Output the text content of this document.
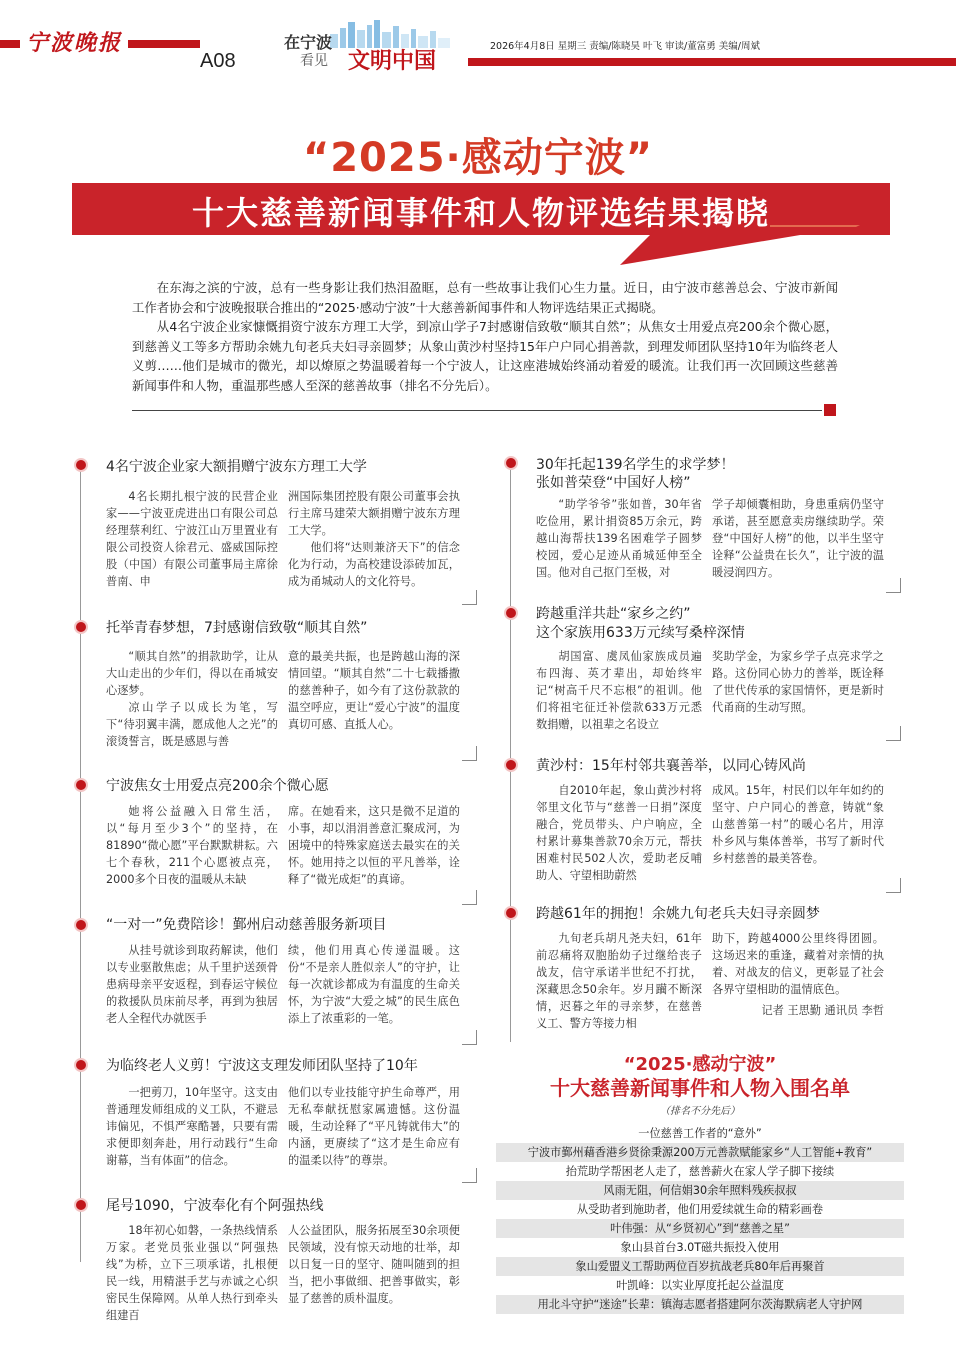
宁波晚报
A08
在宁波
看见 文明中国
2026年4月8日 星期三 责编/陈晓昊 叶飞 审读/董富勇 美编/周斌
“2025·感动宁波”
十大慈善新闻事件和人物评选结果揭晓

在东海之滨的宁波，总有一些身影让我们热泪盈眶，总有一些故事让我们心生力量。近日，由宁波市慈善总会、宁波市新闻工作者协会和宁波晚报联合推出的“2025·感动宁波”十大慈善新闻事件和人物评选结果正式揭晓。

从4名宁波企业家慷慨捐资宁波东方理工大学，到凉山学子7封感谢信致敬“顺其自然”；从焦女士用爱点亮200余个微心愿，到慈善义工等多方帮助余姚九旬老兵夫妇寻亲圆梦；从象山黄沙村坚持15年户户同心捐善款，到理发师团队坚持10年为临终老人义剪……他们是城市的微光，却以燎原之势温暖着每一个宁波人，让这座港城始终涌动着爱的暖流。让我们再一次回顾这些慈善新闻事件和人物，重温那些感人至深的慈善故事（排名不分先后）。

4名宁波企业家大额捐赠宁波东方理工大学

4名长期扎根宁波的民营企业家——宁波亚虎进出口有限公司总经理蔡利红、宁波江山万里置业有限公司投资人徐君元、盛威国际控股（中国）有限公司董事局主席徐普南、申

洲国际集团控股有限公司董事会执行主席马建荣大额捐赠宁波东方理工大学。

他们将“达则兼济天下”的信念化为行动，为高校建设添砖加瓦，成为甬城动人的文化符号。

托举青春梦想，7封感谢信致敬“顺其自然”

“顺其自然”的捐款助学，让从大山走出的少年们，得以在甬城安心逐梦。

凉山学子以成长为笔，写下“待羽翼丰满，愿成他人之光”的滚烫誓言，既是感恩与善

意的最美共振，也是跨越山海的深情回望。“顺其自然”二十七载播撒的慈善种子，如今有了这份款款的温空呼应，更让“爱心宁波”的温度真切可感、直抵人心。

宁波焦女士用爱点亮200余个微心愿

她将公益融入日常生活，以“每月至少3个”的坚持，在81890“微心愿”平台默默耕耘。六七个春秋，211个心愿被点亮，2000多个日夜的温暖从未缺

席。在她看来，这只是微不足道的小事，却以涓涓善意汇聚成河，为困境中的特殊家庭送去最实在的关怀。她用持之以恒的平凡善举，诠释了“微光成炬”的真谛。

“一对一”免费陪诊！鄞州启动慈善服务新项目

从挂号就诊到取药解读，他们以专业驱散焦虑；从千里护送颈骨患病母亲平安返程，到春运守候位的救援队员床前尽孝，再到为独居老人全程代办就医手

续，他们用真心传递温暖。这份“不是亲人胜似亲人”的守护，让每一次就诊都成为有温度的生命关怀，为宁波“大爱之城”的民生底色添上了浓重彩的一笔。

为临终老人义剪！宁波这支理发师团队坚持了10年

一把剪刀，10年坚守。这支由普通理发师组成的义工队，不避忌讳偏见，不惧严寒酷暑，只要有需求便即刻奔赴，用行动践行“生命谢幕，当有体面”的信念。

他们以专业技能守护生命尊严，用无私奉献抚慰家属遗憾。这份温暖，生动诠释了“平凡铸就伟大”的内涵，更赓续了“这才是生命应有的温柔以待”的尊崇。

尾号1090，宁波奉化有个阿强热线

18年初心如磐，一条热线情系万家。老党员张业强以“阿强热线”为桥，立下三项承诺，扎根便民一线，用精湛手艺与赤诚之心织密民生保障网。从单人热行到牵头组建百

人公益团队，服务拓展至30余项便民领域，没有惊天动地的壮举，却以日复一日的坚守、随叫随到的担当，把小事做细、把善事做实，彰显了慈善的质朴温度。

30年托起139名学生的求学梦！
张如普荣登“中国好人榜”

“助学爷爷”张如普，30年省吃俭用，累计捐资85万余元，跨越山海帮扶139名困难学子圆梦校园，爱心足迹从甬城延伸至全国。他对自己抠门至极，对

学子却倾囊相助，身患重病仍坚守承诺，甚至愿意卖房继续助学。荣登“中国好人榜”的他，以半生坚守诠释“公益贵在长久”，让宁波的温暖浸润四方。

跨越重洋共赴“家乡之约”
这个家族用633万元续写桑梓深情

胡国富、虞凤仙家族成员遍布四海、英才辈出，却始终牢记“树高千尺不忘根”的祖训。他们将祖宅征迁补偿款633万元悉数捐赠，以祖辈之名设立

奖助学金，为家乡学子点亮求学之路。这份同心协力的善举，既诠释了世代传承的家国情怀，更是新时代甬商的生动写照。

黄沙村：15年村邻共襄善举，以同心铸风尚

自2010年起，象山黄沙村将邻里文化节与“慈善一日捐”深度融合，党员带头、户户响应，全村累计募集善款70余万元，帮扶困难村民502人次，爱助老反哺助人、守望相助蔚然

成风。15年，村民们以年年如约的坚守、户户同心的善意，铸就“象山慈善第一村”的暖心名片，用淳朴乡风与集体善举，书写了新时代乡村慈善的最美答卷。

跨越61年的拥抱！余姚九旬老兵夫妇寻亲圆梦

九旬老兵胡凡尧夫妇，61年前忍痛将双胞胎幼子过继给丧子战友，信守承诺半世纪不打扰，深藏思念50余年。岁月躏不断深情，迟暮之年的寻亲梦，在慈善义工、警方等接力相

助下，跨越4000公里终得团圆。这场迟来的重逢，藏着对亲情的执着、对战友的信义，更彰显了社会各界守望相助的温情底色。

记者 王思勤 通讯员 李哲

“2025·感动宁波”
十大慈善新闻事件和人物入围名单
（排名不分先后）
一位慈善工作者的“意外”
宁波市鄞州藉香港乡贤徐秉源200万元善款赋能家乡“人工智能+教育”
抬荒助学帮困老人走了，慈善薪火在家人学子脚下接续
风雨无阻，何信娟30余年照料残疾叔叔
从受助者到施助者，他们用爱续就生命的精彩画卷
叶伟强：从“乡贤初心”到“慈善之星”
象山县首台3.0T磁共振投入使用
象山爱盟义工帮助两位百岁抗战老兵80年后再聚首
叶凯峰：以实业厚度托起公益温度
用北斗守护“迷途”长辈：镇海志愿者搭建阿尔茨海默病老人守护网
